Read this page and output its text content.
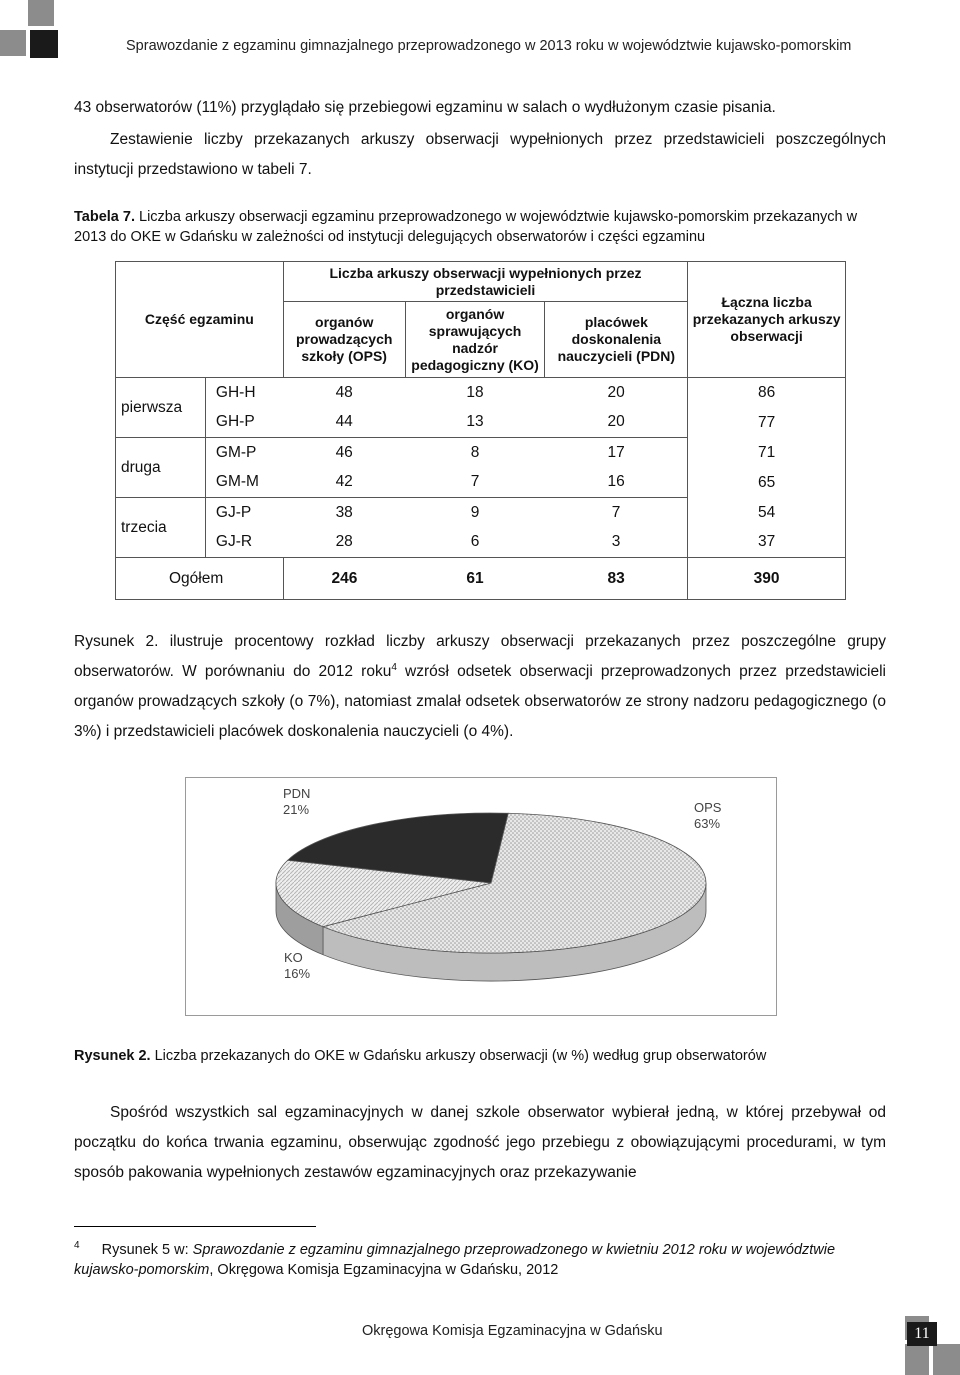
Sprawozdanie z egzaminu gimnazjalnego przeprowadzonego w 2013 roku w województwie kujawsko-pomorskim
43 obserwatorów (11%) przyglądało się przebiegowi egzaminu w salach o wydłużonym czasie pisania.
Zestawienie liczby przekazanych arkuszy obserwacji wypełnionych przez przedstawicieli poszczególnych instytucji przedstawiono w tabeli 7.
Tabela 7. Liczba arkuszy obserwacji egzaminu przeprowadzonego w województwie kujawsko-pomorskim przekazanych w 2013 do OKE w Gdańsku w zależności od instytucji delegujących obserwatorów i części egzaminu
Część egzaminu		Liczba arkuszy obserwacji wypełnionych przez przedstawicieli			Łączna liczba przekazanych arkuszy obserwacji
		organów prowadzących szkoły (OPS)	organów sprawujących nadzór pedagogiczny (KO)	placówek doskonalenia nauczycieli (PDN)	
pierwsza	GH-H	48	18	20	86
	GH-P	44	13	20	77
druga	GM-P	46	8	17	71
	GM-M	42	7	16	65
trzecia	GJ-P	38	9	7	54
	GJ-R	28	6	3	37
Ogółem		246	61	83	390
Rysunek 2. ilustruje procentowy rozkład liczby arkuszy obserwacji przekazanych przez poszczególne grupy obserwatorów. W porównaniu do 2012 roku$^4$ wzrósł odsetek obserwacji przeprowadzonych przez przedstawicieli organów prowadzących szkoły (o 7%), natomiast zmalał odsetek obserwatorów ze strony nadzoru pedagogicznego (o 3%) i przedstawicieli placówek doskonalenia nauczycieli (o 4%).
OPS 63%
KO 16%
PDN 21%
Rysunek 2. Liczba przekazanych do OKE w Gdańsku arkuszy obserwacji (w %) według grup obserwatorów
Spośród wszystkich sal egzaminacyjnych w danej szkole obserwator wybierał jedną, w której przebywał od początku do końca trwania egzaminu, obserwując zgodność jego przebiegu z obowiązującymi procedurami, w tym sposób pakowania wypełnionych zestawów egzaminacyjnych oraz przekazywanie
$^4$ Rysunek 5 w: Sprawozdanie z egzaminu gimnazjalnego przeprowadzonego w kwietniu 2012 roku w województwie kujawsko-pomorskim, Okręgowa Komisja Egzaminacyjna w Gdańsku, 2012
Okręgowa Komisja Egzaminacyjna w Gdańsku	11
